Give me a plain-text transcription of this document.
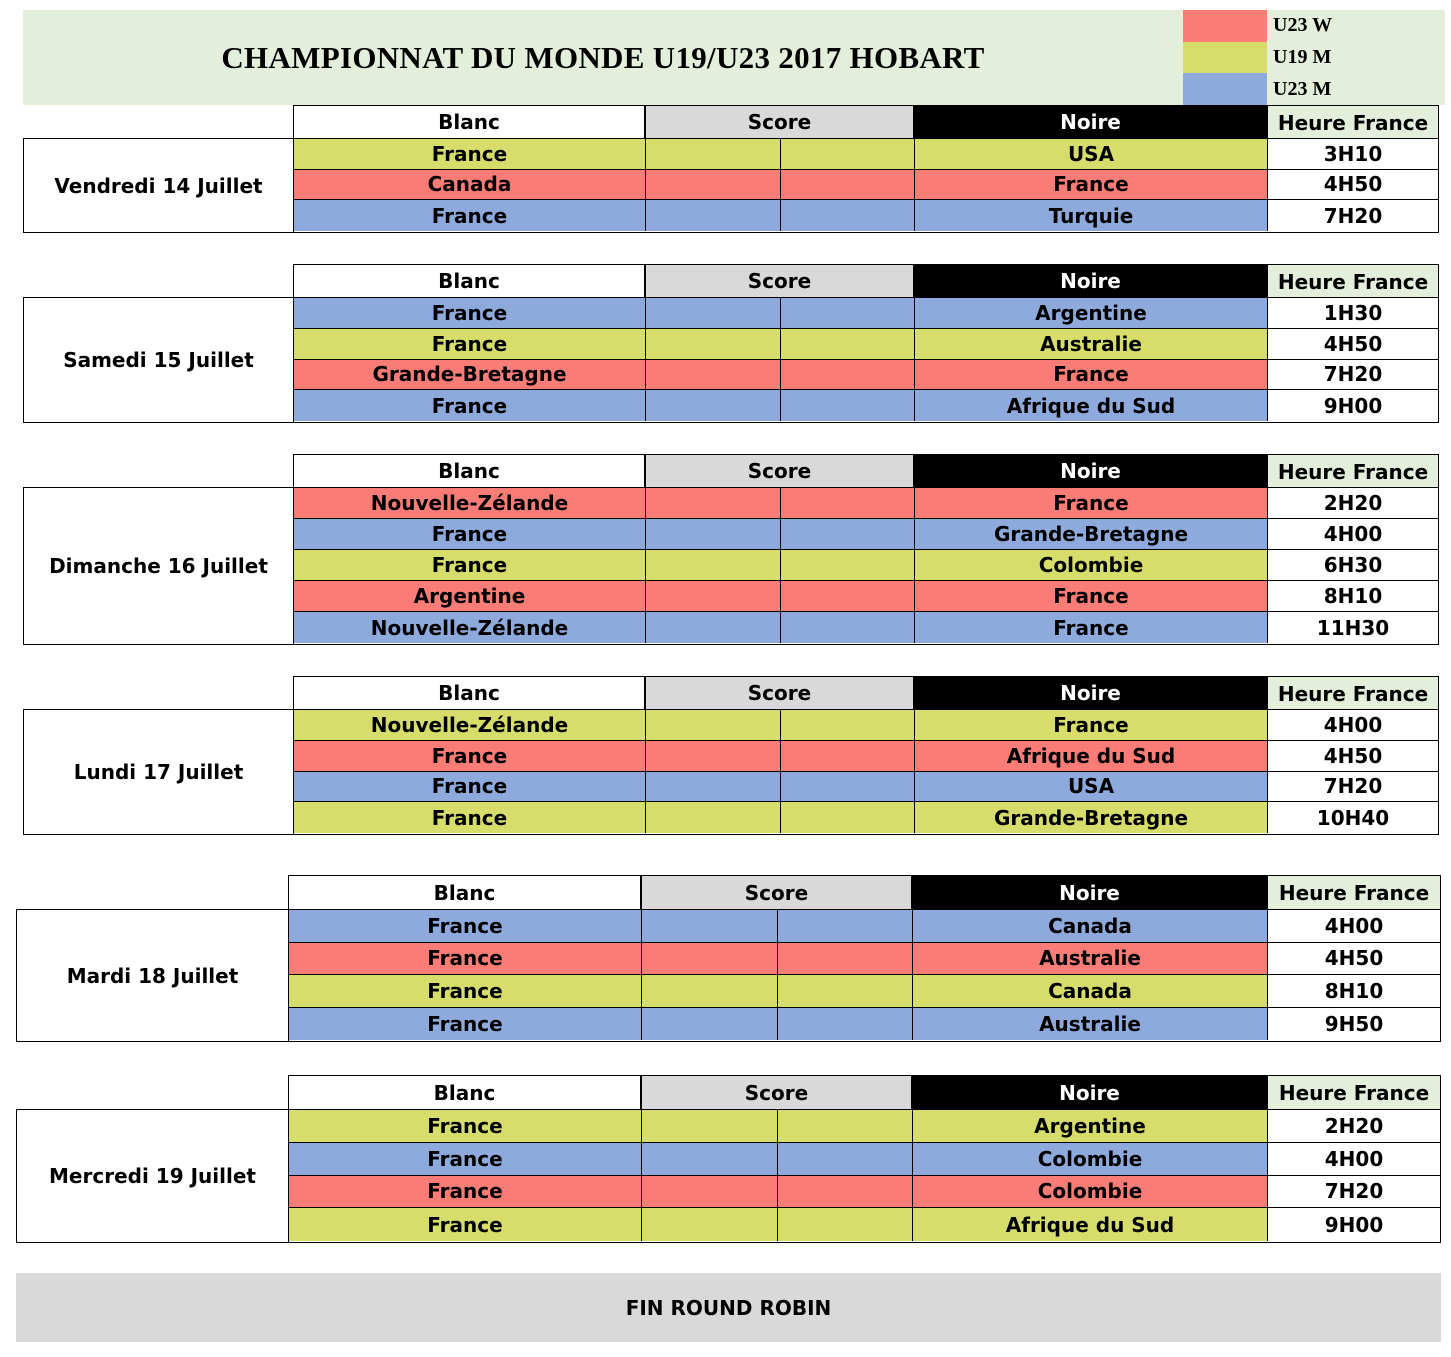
CHAMPIONNAT DU MONDE U19/U23 2017 HOBART
U23 W
U19 M
U23 M
Blanc	Score	Noire	Heure France
Vendredi 14 Juillet
France	USA	3H10
Canada	France	4H50
France	Turquie	7H20
Blanc	Score	Noire	Heure France
Samedi 15 Juillet
France	Argentine	1H30
France	Australie	4H50
Grande-Bretagne	France	7H20
France	Afrique du Sud	9H00
Blanc	Score	Noire	Heure France
Dimanche 16 Juillet
Nouvelle-Zélande	France	2H20
France	Grande-Bretagne	4H00
France	Colombie	6H30
Argentine	France	8H10
Nouvelle-Zélande	France	11H30
Blanc	Score	Noire	Heure France
Lundi 17 Juillet
Nouvelle-Zélande	France	4H00
France	Afrique du Sud	4H50
France	USA	7H20
France	Grande-Bretagne	10H40
Blanc	Score	Noire	Heure France
Mardi 18 Juillet
France	Canada	4H00
France	Australie	4H50
France	Canada	8H10
France	Australie	9H50
Blanc	Score	Noire	Heure France
Mercredi 19 Juillet
France	Argentine	2H20
France	Colombie	4H00
France	Colombie	7H20
France	Afrique du Sud	9H00
FIN ROUND ROBIN
